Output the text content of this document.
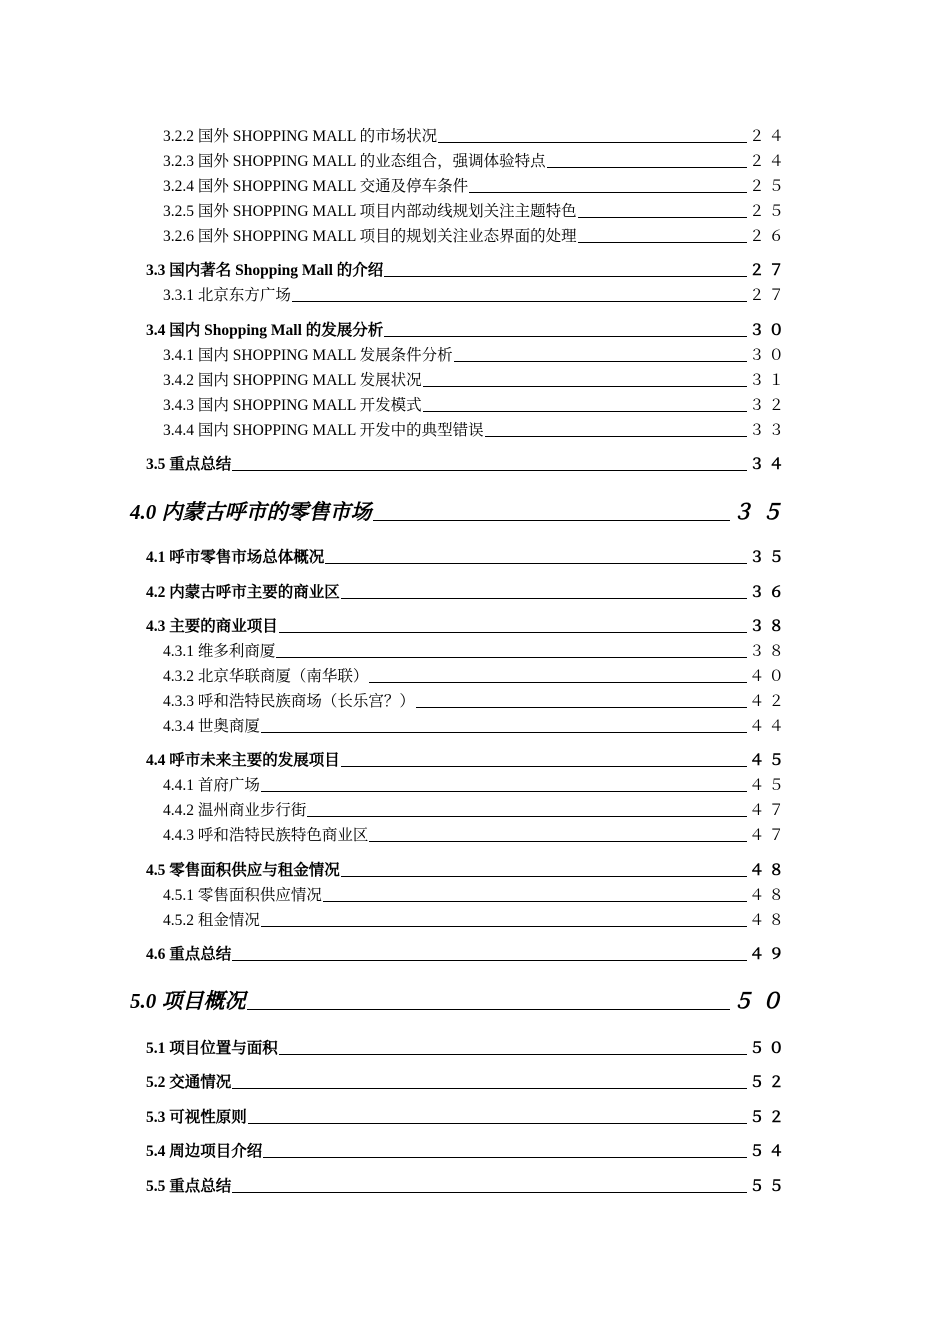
3.2.2 国外 SHOPPING MALL 的市场状况	２４
3.2.3 国外 SHOPPING MALL 的业态组合，强调体验特点	２４
3.2.4 国外 SHOPPING MALL 交通及停车条件	２５
3.2.5 国外 SHOPPING MALL 项目内部动线规划关注主题特色	２５
3.2.6 国外 SHOPPING MALL 项目的规划关注业态界面的处理	２６
3.3 国内著名 Shopping Mall 的介绍	２７
3.3.1 北京东方广场	２７
3.4 国内 Shopping Mall 的发展分析	３０
3.4.1 国内 SHOPPING MALL 发展条件分析	３０
3.4.2 国内 SHOPPING MALL 发展状况	３１
3.4.3 国内 SHOPPING MALL 开发模式	３２
3.4.4 国内 SHOPPING MALL 开发中的典型错误	３３
3.5 重点总结	３４
4.0 内蒙古呼市的零售市场	３５
4.1 呼市零售市场总体概况	３５
4.2 内蒙古呼市主要的商业区	３６
4.3 主要的商业项目	３８
4.3.1 维多利商厦	３８
4.3.2 北京华联商厦（南华联）	４０
4.3.3 呼和浩特民族商场（长乐宫？）	４２
4.3.4 世奥商厦	４４
4.4 呼市未来主要的发展项目	４５
4.4.1 首府广场	４５
4.4.2 温州商业步行街	４７
4.4.3 呼和浩特民族特色商业区	４７
4.5 零售面积供应与租金情况	４８
4.5.1 零售面积供应情况	４８
4.5.2 租金情况	４８
4.6 重点总结	４９
5.0 项目概况	５０
5.1 项目位置与面积	５０
5.2 交通情况	５２
5.3 可视性原则	５２
5.4 周边项目介绍	５４
5.5 重点总结	５５
